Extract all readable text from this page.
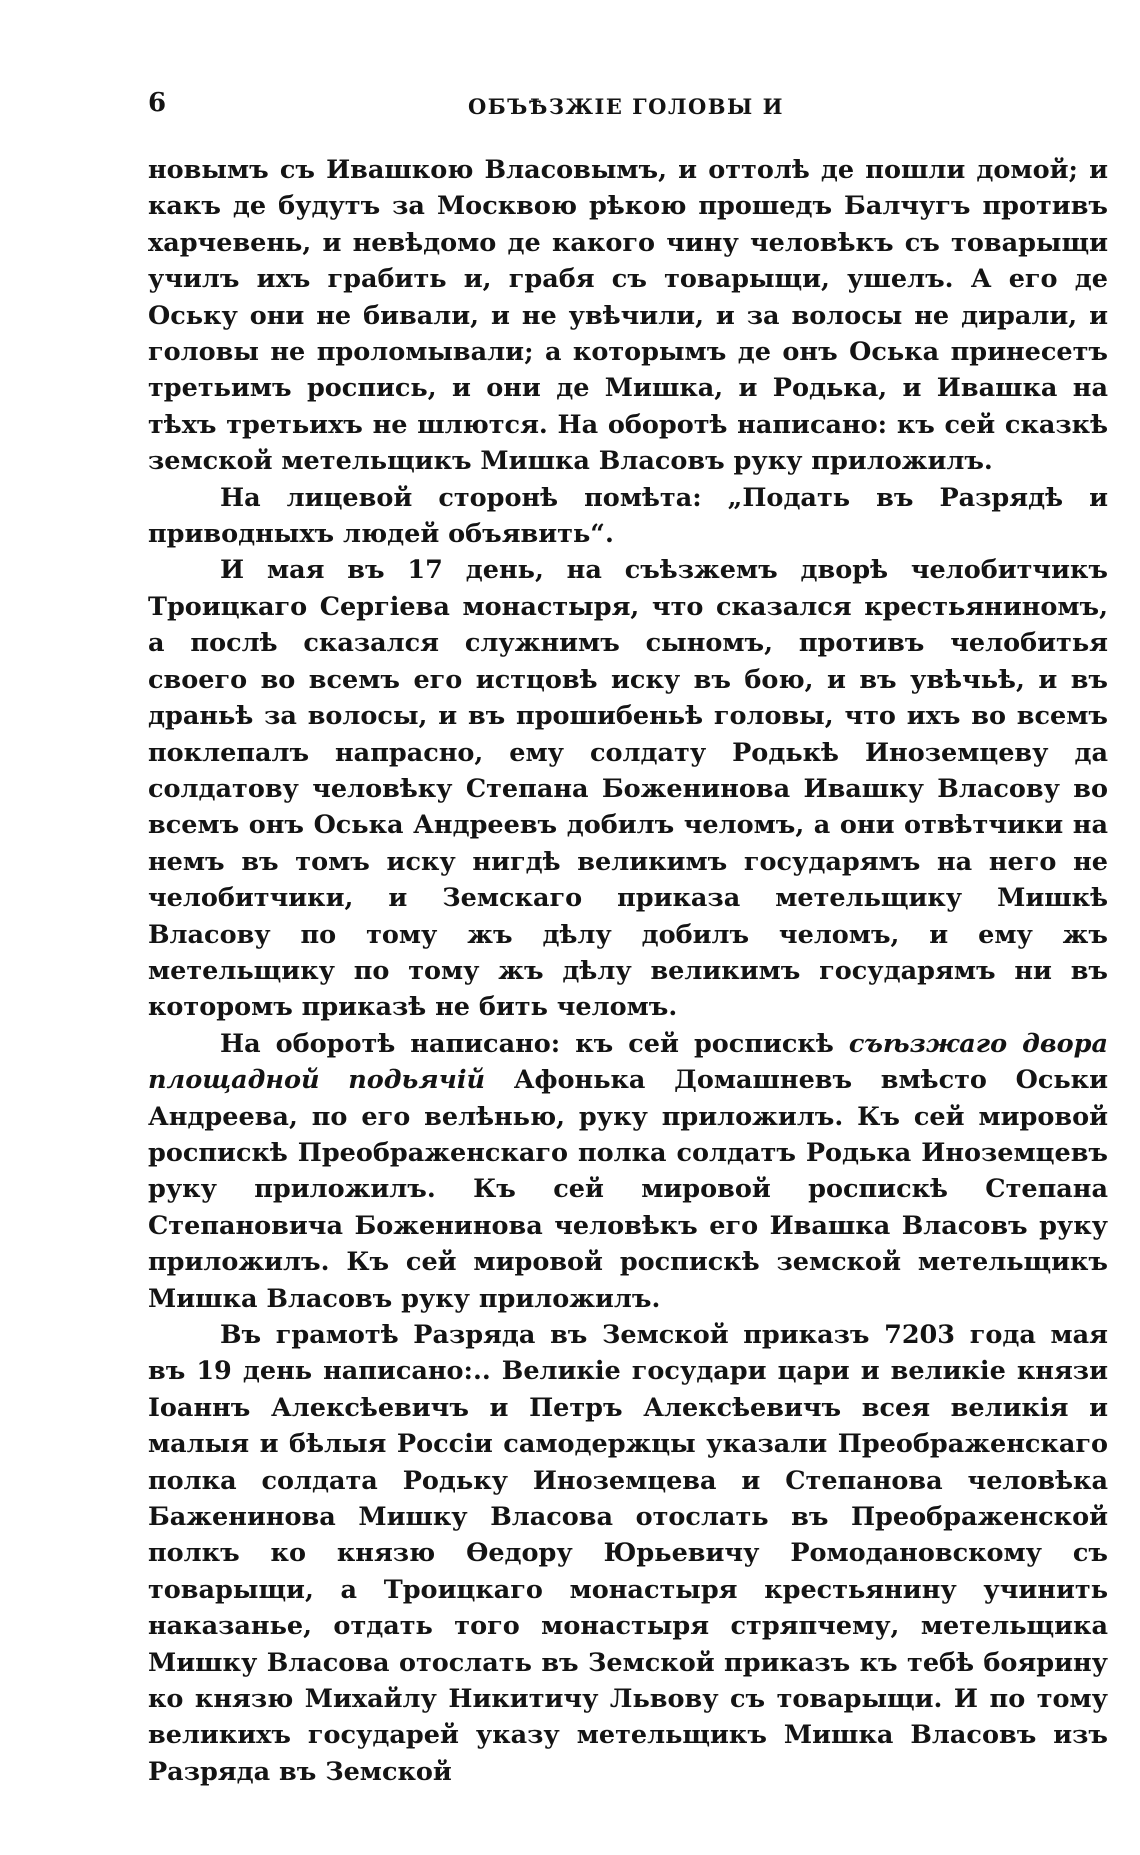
6	ОБЪѢЗЖІЕ ГОЛОВЫ И

новымъ съ Ивашкою Власовымъ, и оттолѣ де пошли домой; и какъ де будутъ за Москвою рѣкою прошедъ Балчугъ противъ харчевень, и невѣдомо де какого чину человѣкъ съ товарыщи училъ ихъ грабить и, грабя съ товарыщи, ушелъ. А его де Оську они не бивали, и не увѣчили, и за волосы не дирали, и головы не проломывали; а которымъ де онъ Оська принесетъ третьимъ роспись, и они де Мишка, и Родька, и Ивашка на тѣхъ третьихъ не шлются. На оборотѣ написано: къ сей сказкѣ земской метельщикъ Мишка Власовъ руку приложилъ.

На лицевой сторонѣ помѣта: „Подать въ Разрядѣ и приводныхъ людей объявить“.

И мая въ 17 день, на съѣзжемъ дворѣ челобитчикъ Троицкаго Сергіева монастыря, что сказался крестьяниномъ, а послѣ сказался служнимъ сыномъ, противъ челобитья своего во всемъ его истцовѣ иску въ бою, и въ увѣчьѣ, и въ драньѣ за волосы, и въ прошибеньѣ головы, что ихъ во всемъ поклепалъ напрасно, ему солдату Родькѣ Иноземцеву да солдатову человѣку Степана Боженинова Ивашку Власову во всемъ онъ Оська Андреевъ добилъ челомъ, а они отвѣтчики на немъ въ томъ иску нигдѣ великимъ государямъ на него не челобитчики, и Земскаго приказа метельщику Мишкѣ Власову по тому жъ дѣлу добилъ челомъ, и ему жъ метельщику по тому жъ дѣлу великимъ государямъ ни въ которомъ приказѣ не бить челомъ.

На оборотѣ написано: къ сей роспискѣ съѣзжаго двора площадной подьячій Афонька Домашневъ вмѣсто Оськи Андреева, по его велѣнью, руку приложилъ. Къ сей мировой роспискѣ Преображенскаго полка солдатъ Родька Иноземцевъ руку приложилъ. Къ сей мировой роспискѣ Степана Степановича Боженинова человѣкъ его Ивашка Власовъ руку приложилъ. Къ сей мировой роспискѣ земской метельщикъ Мишка Власовъ руку приложилъ.

Въ грамотѣ Разряда въ Земской приказъ 7203 года мая въ 19 день написано:.. Великіе государи цари и великіе князи Іоаннъ Алексѣевичъ и Петръ Алексѣевичъ всея великія и малыя и бѣлыя Россіи самодержцы указали Преображенскаго полка солдата Родьку Иноземцева и Степанова человѣка Баженинова Мишку Власова отослать въ Преображенской полкъ ко князю Ѳедору Юрьевичу Ромодановскому съ товарыщи, а Троицкаго монастыря крестьянину учинить наказанье, отдать того монастыря стряпчему, метельщика Мишку Власова отослать въ Земской приказъ къ тебѣ боярину ко князю Михайлу Никитичу Львову съ товарыщи. И по тому великихъ государей указу метельщикъ Мишка Власовъ изъ Разряда въ Земской
